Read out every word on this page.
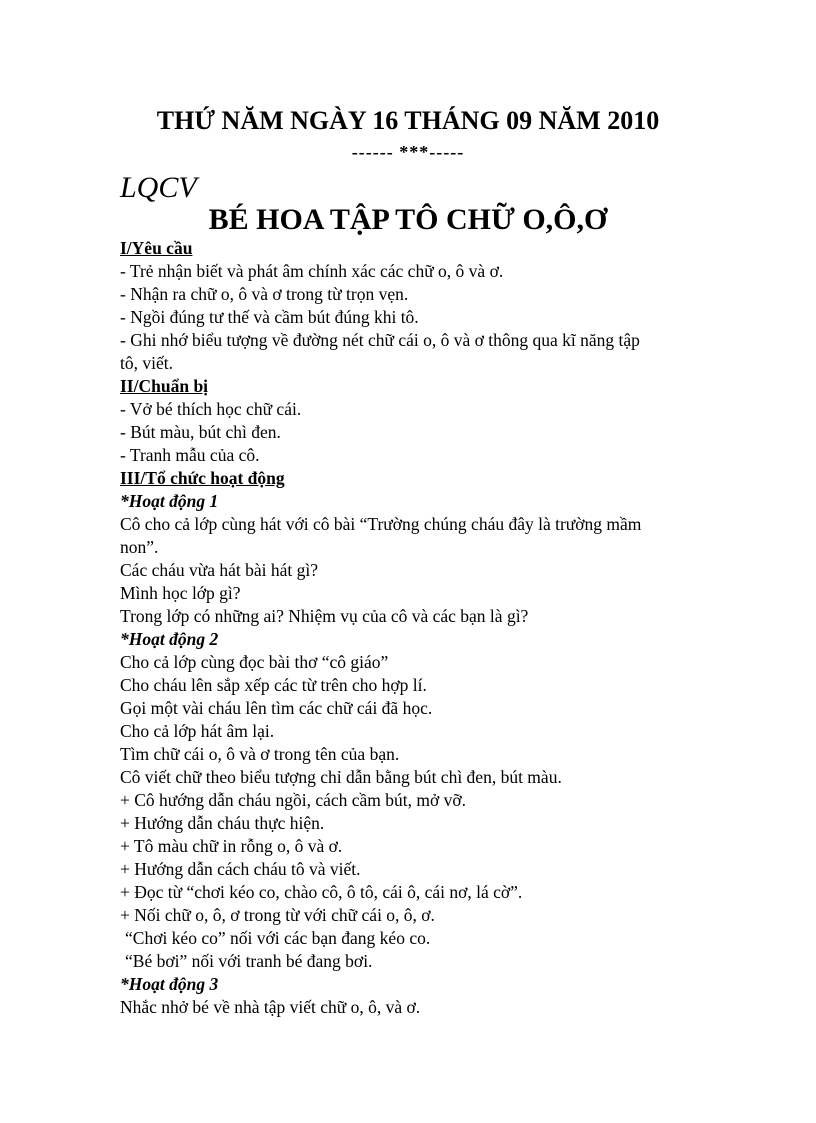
THỨ NĂM NGÀY 16 THÁNG 09 NĂM 2010
------ ***-----
LQCV
BÉ HOA TẬP TÔ CHỮ O,Ô,Ơ
I/Yêu cầu
- Trẻ nhận biết và phát âm chính xác các chữ o, ô và ơ.
- Nhận ra chữ o, ô và ơ trong từ trọn vẹn.
- Ngồi đúng tư thế và cầm bút đúng khi tô.
- Ghi nhớ biểu tượng về đường nét chữ cái o, ô và ơ thông qua kĩ năng tập
tô, viết.
II/Chuẩn bị
- Vở bé thích học chữ cái.
- Bút màu, bút chì đen.
- Tranh mẫu của cô.
III/Tổ chức hoạt động
*Hoạt động 1
Cô cho cả lớp cùng hát với cô bài “Trường chúng cháu đây là trường mầm
non”.
Các cháu vừa hát bài hát gì?
Mình học lớp gì?
Trong lớp có những ai? Nhiệm vụ của cô và các bạn là gì?
*Hoạt động 2
Cho cả lớp cùng đọc bài thơ “cô giáo”
Cho cháu lên sắp xếp các từ trên cho hợp lí.
Gọi một vài cháu lên tìm các chữ cái đã học.
Cho cả lớp hát âm lại.
Tìm chữ cái o, ô và ơ trong tên của bạn.
Cô viết chữ theo biểu tượng chỉ dẫn bằng bút chì đen, bút màu.
+ Cô hướng dẫn cháu ngồi, cách cầm bút, mở vỡ.
+ Hướng dẫn cháu thực hiện.
+ Tô màu chữ in rỗng o, ô và ơ.
+ Hướng dẫn cách cháu tô và viết.
+ Đọc từ “chơi kéo co, chào cô, ô tô, cái ô, cái nơ, lá cờ”.
+ Nối chữ o, ô, ơ trong từ với chữ cái o, ô, ơ.
“Chơi kéo co” nối với các bạn đang kéo co.
“Bé bơi” nối với tranh bé đang bơi.
*Hoạt động 3
Nhắc nhở bé về nhà tập viết chữ o, ô, và ơ.
